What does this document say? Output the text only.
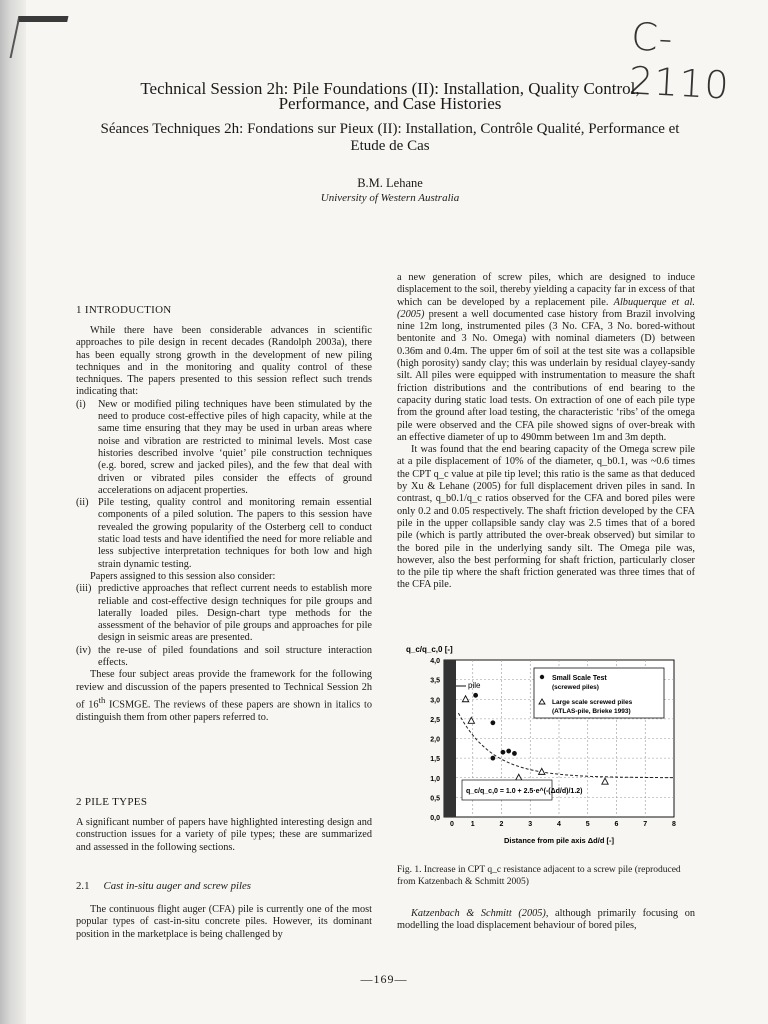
C-2110
Technical Session 2h: Pile Foundations (II): Installation, Quality Control,
Performance, and Case Histories
Séances Techniques 2h: Fondations sur Pieux (II): Installation, Contrôle Qualité, Performance et
Etude de Cas
B.M. Lehane
University of Western Australia
1 INTRODUCTION

While there have been considerable advances in scientific approaches to pile design in recent decades (Randolph 2003a), there has been equally strong growth in the development of new piling techniques and in the monitoring and quality control of these techniques. The papers presented to this session reflect such trends indicating that:

(i)	New or modified piling techniques have been stimulated by the need to produce cost-effective piles of high capacity, while at the same time ensuring that they may be used in urban areas where noise and vibration are restricted to minimal levels. Most case histories described involve ‘quiet’ pile construction techniques (e.g. bored, screw and jacked piles), and the few that deal with driven or vibrated piles consider the effects of ground accelerations on adjacent properties.
(ii) Pile testing, quality control and monitoring remain essential components of a piled solution. The papers to this session have revealed the growing popularity of the Osterberg cell to conduct static load tests and have identified the need for more reliable and less subjective interpretation techniques for both low and high strain dynamic testing.

Papers assigned to this session also consider:

(iii) predictive approaches that reflect current needs to establish more reliable and cost-effective design techniques for pile groups and laterally loaded piles. Design-chart type methods for the assessment of the behavior of pile groups and approaches for pile design in seismic areas are presented.
(iv) the re-use of piled foundations and soil structure interaction effects.

These four subject areas provide the framework for the following review and discussion of the papers presented to Technical Session 2h of 16th ICSMGE. The reviews of these papers are shown in italics to distinguish them from other papers referred to.

2 PILE TYPES

A significant number of papers have highlighted interesting design and construction issues for a variety of pile types; these are summarized and assessed in the following sections.

2.1 Cast in-situ auger and screw piles

The continuous flight auger (CFA) pile is currently one of the most popular types of cast-in-situ concrete piles. However, its dominant position in the marketplace is being challenged by

a new generation of screw piles, which are designed to induce displacement to the soil, thereby yielding a capacity far in excess of that which can be developed by a replacement pile. Albuquerque et al.(2005) present a well documented case history from Brazil involving nine 12m long, instrumented piles (3 No. CFA, 3 No. bored-without bentonite and 3 No. Omega) with nominal diameters (D) between 0.36m and 0.4m. The upper 6m of soil at the test site was a collapsible (high porosity) sandy clay; this was underlain by residual clayey-sandy silt. All piles were equipped with instrumentation to measure the shaft friction distributions and the contributions of end bearing to the capacity during static load tests. On extraction of one of each pile type from the ground after load testing, the characteristic ‘ribs’ of the omega pile were observed and the CFA pile showed signs of over-break with an effective diameter of up to 490mm between 1m and 3m depth.

It was found that the end bearing capacity of the Omega screw pile at a pile displacement of 10% of the diameter, q_b0.1, was ~0.6 times the CPT q_c value at pile tip level; this ratio is the same as that deduced by Xu & Lehane (2005) for full displacement driven piles in sand. In contrast, q_b0.1/q_c ratios observed for the CFA and bored piles were only 0.2 and 0.05 respectively. The shaft friction developed by the CFA pile in the upper collapsible sandy clay was 2.5 times that of a bored pile (which is partly attributed the over-break observed) but similar to the bored pile in the underlying sandy silt. The Omega pile was, however, also the best performing for shaft friction, particularly closer to the pile tip where the shaft friction generated was three times that of the CFA pile.

pile
0,0
0,5
1,0
1,5
2,0
2,5
3,0
3,5
4,0
0 1	2	3	4	5	6	7	8
Small Scale Test
(screwed piles)
Large scale screwed piles
(ATLAS-pile, Brieke 1993)
q_c/q_c,0 = 1.0 + 2.5·e^(-(Δd/d)/1.2)
q_c/q_c,0 [-]
Distance from pile axis Δd/d [-]
Fig. 1. Increase in CPT q_c resistance adjacent to a screw pile (reproduced from Katzenbach & Schmitt 2005)

Katzenbach & Schmitt (2005), although primarily focusing on modelling the load displacement behaviour of bored piles,

—169—
